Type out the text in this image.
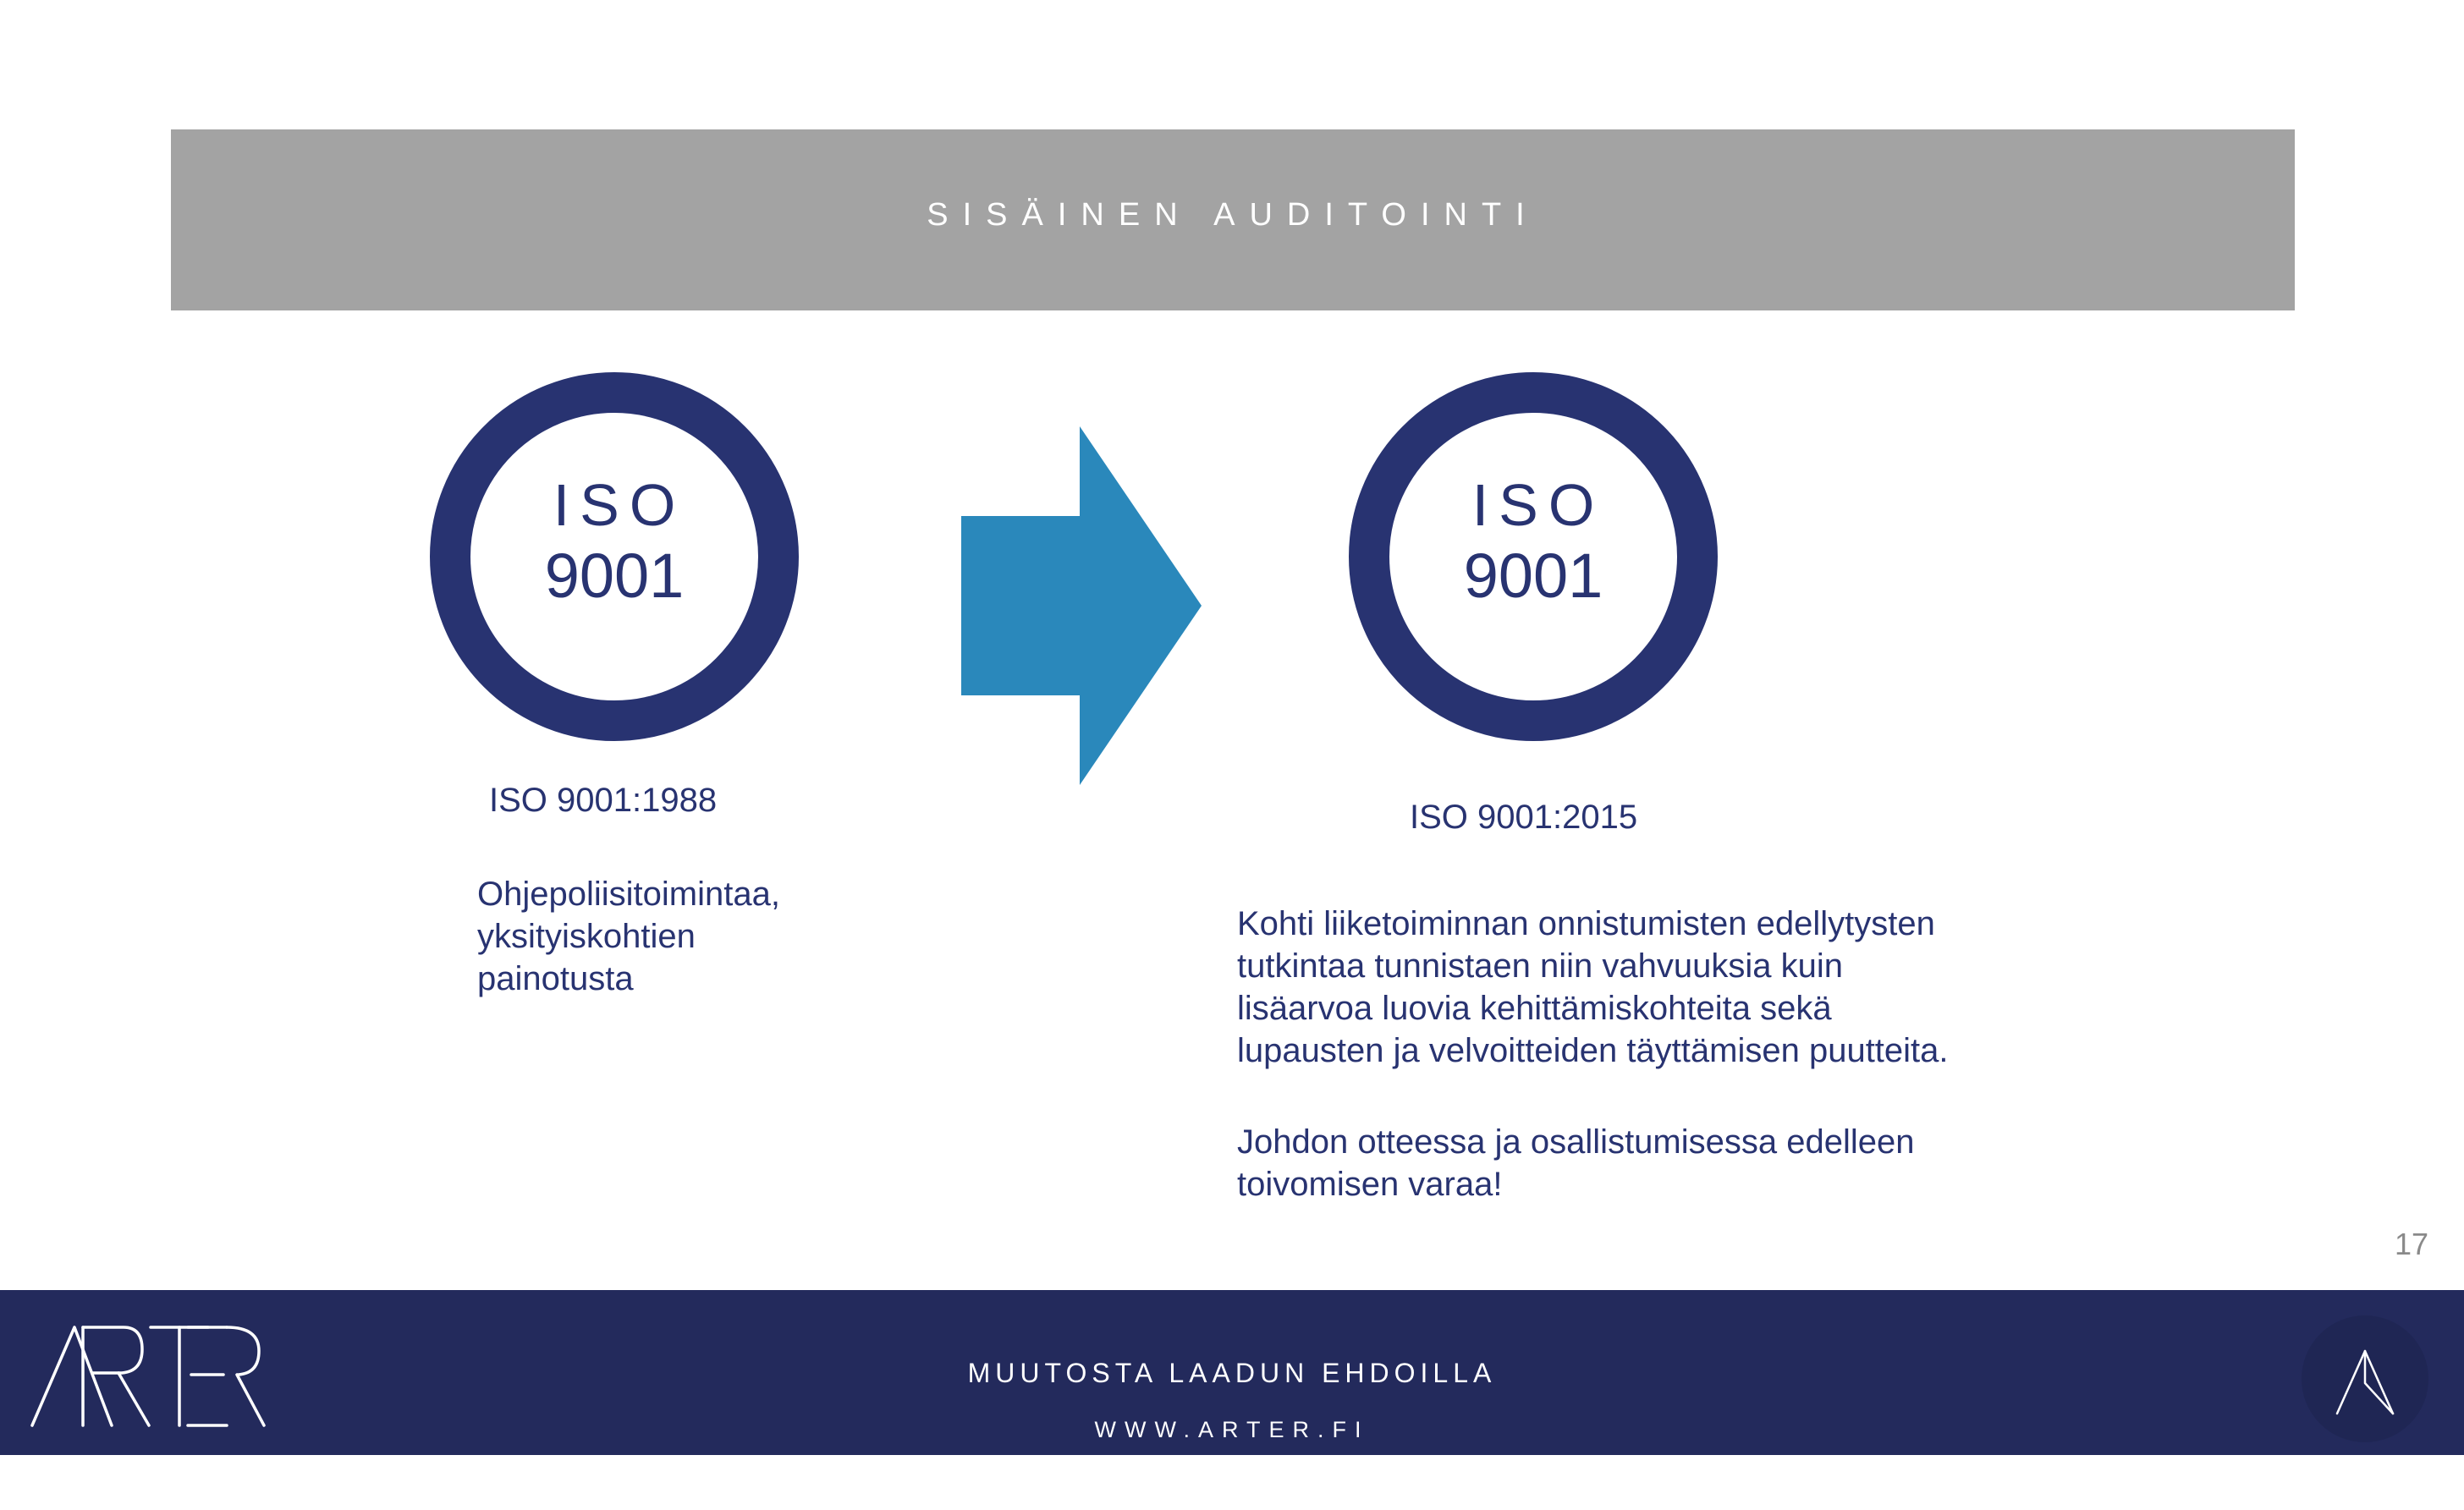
SISÄINEN AUDITOINTI
ISO
9001
ISO
9001
ISO 9001:1988
Ohjepoliisitoimintaa,
yksityiskohtien
painotusta
ISO 9001:2015
Kohti liiketoiminnan onnistumisten edellytysten
tutkintaa tunnistaen niin vahvuuksia kuin
lisäarvoa luovia kehittämiskohteita sekä
lupausten ja velvoitteiden täyttämisen puutteita.
Johdon otteessa ja osallistumisessa edelleen
toivomisen varaa!
17
MUUTOSTA LAADUN EHDOILLA
WWW.ARTER.FI
